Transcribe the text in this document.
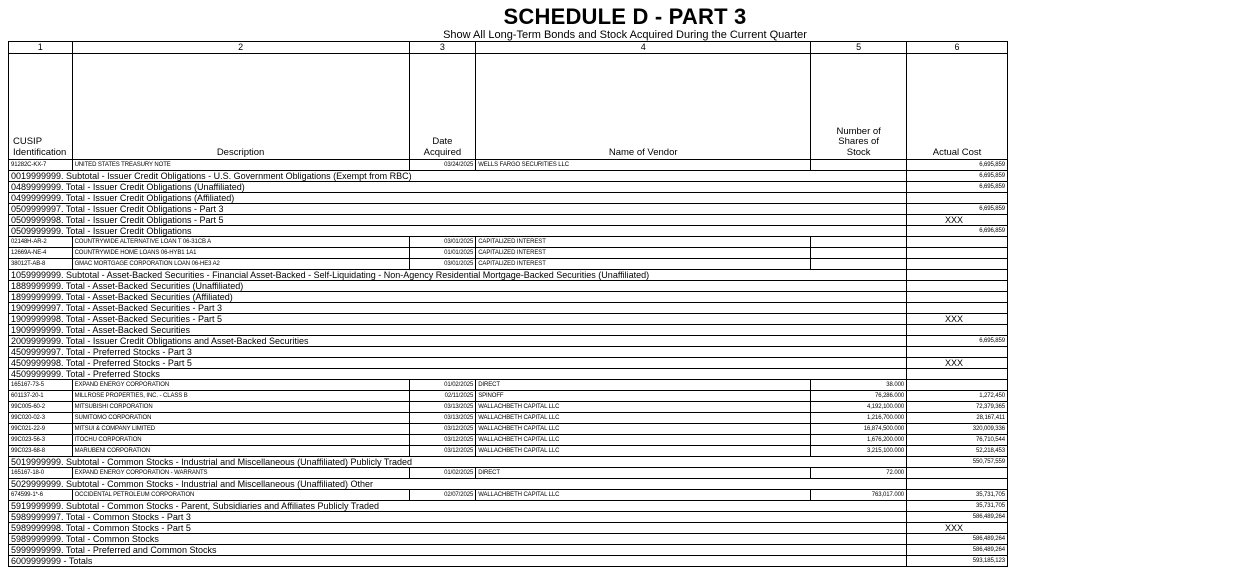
SCHEDULE D - PART 3
Show All Long-Term Bonds and Stock Acquired During the Current Quarter
1	2	3	4	5	6
CUSIP
Identification	Description	Date
Acquired	Name of Vendor	Number of
Shares of
Stock	Actual Cost
91282C-KX-7	UNITED STATES TREASURY NOTE	03/24/2025	WELLS FARGO SECURITIES LLC		6,695,859
0019999999. Subtotal - Issuer Credit Obligations - U.S. Government Obligations (Exempt from RBC)					6,695,859
0489999999. Total - Issuer Credit Obligations (Unaffiliated)					6,695,859
0499999999. Total - Issuer Credit Obligations (Affiliated)					
0509999997. Total - Issuer Credit Obligations - Part 3					6,695,859
0509999998. Total - Issuer Credit Obligations - Part 5					XXX
0509999999. Total - Issuer Credit Obligations					6,696,859
02148H-AR-2	COUNTRYWIDE ALTERNATIVE LOAN T 06-31CB A	03/01/2025	CAPITALIZED INTEREST		
12669A-NE-4	COUNTRYWIDE HOME LOANS 06-HYB1 1A1	01/01/2025	CAPITALIZED INTEREST		
38012T-AB-8	GMAC MORTGAGE CORPORATION LOAN 06-HE3 A2	03/01/2025	CAPITALIZED INTEREST		
1059999999. Subtotal - Asset-Backed Securities - Financial Asset-Backed - Self-Liquidating - Non-Agency Residential Mortgage-Backed Securities (Unaffiliated)					
1889999999. Total - Asset-Backed Securities (Unaffiliated)					
1899999999. Total - Asset-Backed Securities (Affiliated)					
1909999997. Total - Asset-Backed Securities - Part 3					
1909999998. Total - Asset-Backed Securities - Part 5					XXX
1909999999. Total - Asset-Backed Securities					
2009999999. Total - Issuer Credit Obligations and Asset-Backed Securities					6,695,859
4509999997. Total - Preferred Stocks - Part 3					
4509999998. Total - Preferred Stocks - Part 5					XXX
4509999999. Total - Preferred Stocks					
165167-73-5	EXPAND ENERGY CORPORATION	01/02/2025	DIRECT	38.000	
601137-20-1	MILLROSE PROPERTIES, INC. - CLASS B	02/11/2025	SPINOFF	76,286.000	1,272,450
99C005-60-2	MITSUBISHI CORPORATION	03/13/2025	WALLACHBETH CAPITAL LLC	4,192,100.000	72,379,365
99C020-02-3	SUMITOMO CORPORATION	03/13/2025	WALLACHBETH CAPITAL LLC	1,216,700.000	28,167,411
99C021-22-9	MITSUI & COMPANY LIMITED	03/12/2025	WALLACHBETH CAPITAL LLC	16,874,500.000	320,009,336
99C023-56-3	ITOCHU CORPORATION	03/12/2025	WALLACHBETH CAPITAL LLC	1,676,200.000	76,710,544
99C023-68-8	MARUBENI CORPORATION	03/12/2025	WALLACHBETH CAPITAL LLC	3,215,100.000	52,218,453
5019999999. Subtotal - Common Stocks - Industrial and Miscellaneous (Unaffiliated) Publicly Traded					550,757,559
165167-18-0	EXPAND ENERGY CORPORATION - WARRANTS	01/02/2025	DIRECT	72.000	
5029999999. Subtotal - Common Stocks - Industrial and Miscellaneous (Unaffiliated) Other					
674599-1*-6	OCCIDENTAL PETROLEUM CORPORATION	02/07/2025	WALLACHBETH CAPITAL LLC	763,017.000	35,731,705
5919999999. Subtotal - Common Stocks - Parent, Subsidiaries and Affiliates Publicly Traded					35,731,705
5989999997. Total - Common Stocks - Part 3					586,489,264
5989999998. Total - Common Stocks - Part 5					XXX
5989999999. Total - Common Stocks					586,489,264
5999999999. Total - Preferred and Common Stocks					586,489,264
6009999999 - Totals					593,185,123
